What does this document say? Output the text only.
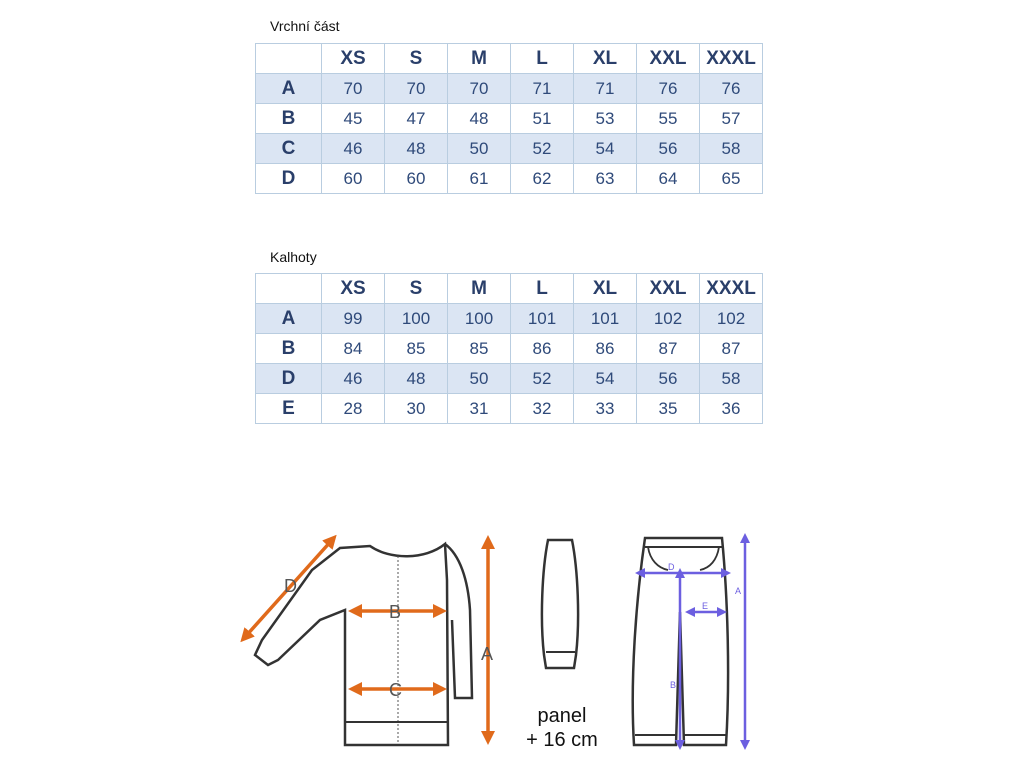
Vrchní část
	XS	S	M	L	XL	XXL	XXXL
A	70	70	70	71	71	76	76
B	45	47	48	51	53	55	57
C	46	48	50	52	54	56	58
D	60	60	61	62	63	64	65
Kalhoty
	XS	S	M	L	XL	XXL	XXXL
A	99	100	100	101	101	102	102
B	84	85	85	86	86	87	87
D	46	48	50	52	54	56	58
E	28	30	31	32	33	35	36
D
B
C
A
D
B
E
A
panel
+ 16 cm
